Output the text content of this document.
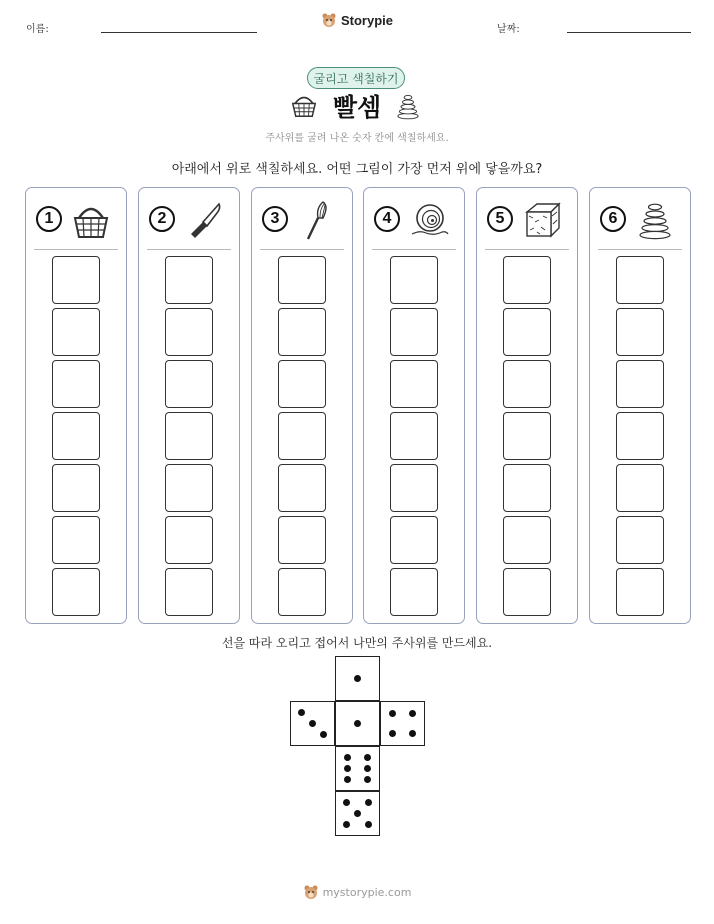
이름:
Storypie
날짜:
굴리고 색칠하기
빨셈
주사위를 굴려 나온 숫자 칸에 색칠하세요.
아래에서 위로 색칠하세요. 어떤 그림이 가장 먼저 위에 닿을까요?
1	2	3	4	5	6
선을 따라 오리고 접어서 나만의 주사위를 만드세요.
mystorypie.com
